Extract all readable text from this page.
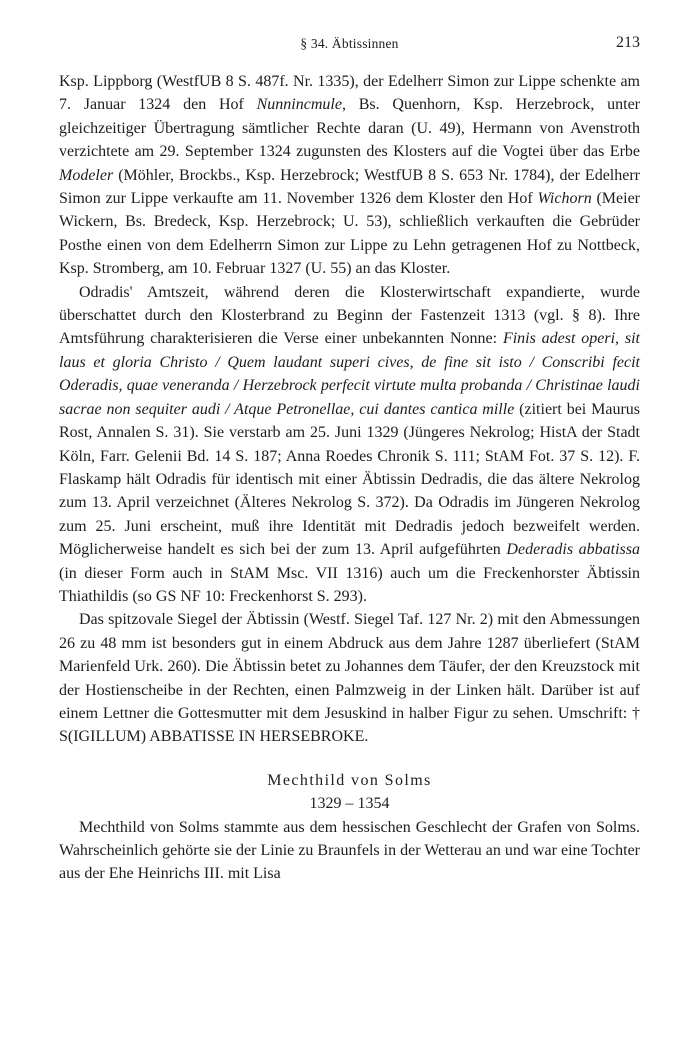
§ 34. Äbtissinnen	213

Ksp. Lippborg (WestfUB 8 S. 487f. Nr. 1335), der Edelherr Simon zur Lippe schenkte am 7. Januar 1324 den Hof Nunnincmule, Bs. Quenhorn, Ksp. Herzebrock, unter gleichzeitiger Übertragung sämtlicher Rechte daran (U. 49), Hermann von Avenstroth verzichtete am 29. September 1324 zugunsten des Klosters auf die Vogtei über das Erbe Modeler (Möhler, Brockbs., Ksp. Herzebrock; WestfUB 8 S. 653 Nr. 1784), der Edelherr Simon zur Lippe verkaufte am 11. November 1326 dem Kloster den Hof Wichorn (Meier Wickern, Bs. Bredeck, Ksp. Herzebrock; U. 53), schließlich verkauften die Gebrüder Posthe einen von dem Edelherrn Simon zur Lippe zu Lehn getragenen Hof zu Nottbeck, Ksp. Stromberg, am 10. Februar 1327 (U. 55) an das Kloster.

Odradis' Amtszeit, während deren die Klosterwirtschaft expandierte, wurde überschattet durch den Klosterbrand zu Beginn der Fastenzeit 1313 (vgl. § 8). Ihre Amtsführung charakterisieren die Verse einer unbekannten Nonne: Finis adest operi, sit laus et gloria Christo / Quem laudant superi cives, de fine sit isto / Conscribi fecit Oderadis, quae veneranda / Herzebrock perfecit virtute multa probanda / Christinae laudi sacrae non sequiter audi / Atque Petronellae, cui dantes cantica mille (zitiert bei Maurus Rost, Annalen S. 31). Sie verstarb am 25. Juni 1329 (Jüngeres Nekrolog; HistA der Stadt Köln, Farr. Gelenii Bd. 14 S. 187; Anna Roedes Chronik S. 111; StAM Fot. 37 S. 12). F. Flaskamp hält Odradis für identisch mit einer Äbtissin Dedradis, die das ältere Nekrolog zum 13. April verzeichnet (Älteres Nekrolog S. 372). Da Odradis im Jüngeren Nekrolog zum 25. Juni erscheint, muß ihre Identität mit Dedradis jedoch bezweifelt werden. Möglicherweise handelt es sich bei der zum 13. April aufgeführten Dederadis abbatissa (in dieser Form auch in StAM Msc. VII 1316) auch um die Freckenhorster Äbtissin Thiathildis (so GS NF 10: Freckenhorst S. 293).

Das spitzovale Siegel der Äbtissin (Westf. Siegel Taf. 127 Nr. 2) mit den Abmessungen 26 zu 48 mm ist besonders gut in einem Abdruck aus dem Jahre 1287 überliefert (StAM Marienfeld Urk. 260). Die Äbtissin betet zu Johannes dem Täufer, der den Kreuzstock mit der Hostienscheibe in der Rechten, einen Palmzweig in der Linken hält. Darüber ist auf einem Lettner die Gottesmutter mit dem Jesuskind in halber Figur zu sehen. Umschrift: † S(IGILLUM) ABBATISSE IN HERSEBROKE.

Mechthild von Solms
1329 – 1354

Mechthild von Solms stammte aus dem hessischen Geschlecht der Grafen von Solms. Wahrscheinlich gehörte sie der Linie zu Braunfels in der Wetterau an und war eine Tochter aus der Ehe Heinrichs III. mit Lisa
